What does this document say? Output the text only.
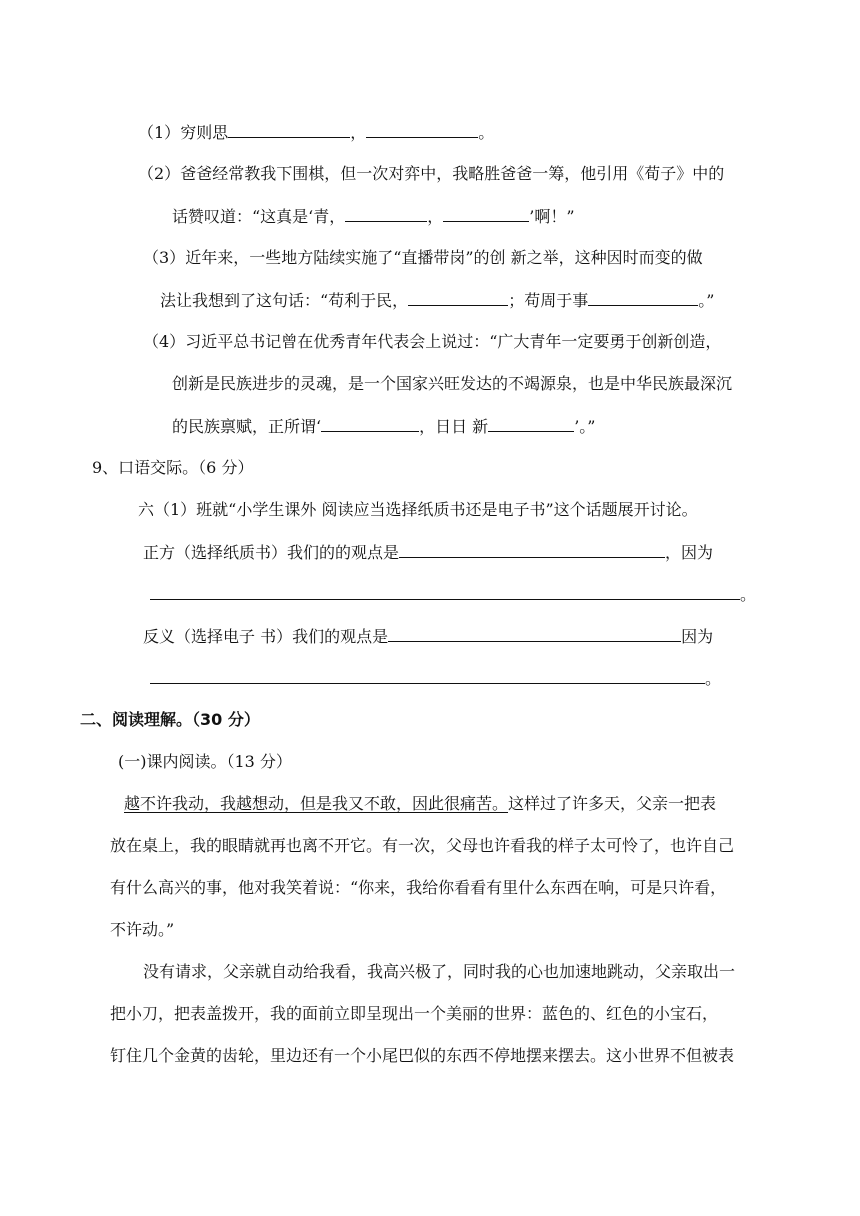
（1）穷则思	，	。
（2）爸爸经常教我下围棋，但一次对弈中，我略胜爸爸一筹，他引用《荀子》中的
话赞叹道：“这真是‘青，	，	’啊！”
（3）近年来，一些地方陆续实施了“直播带岗”的创 新之举，这种因时而变的做
法让我想到了这句话：“苟利于民，	；苟周于事	。”
（4）习近平总书记曾在优秀青年代表会上说过：“广大青年一定要勇于创新创造，
创新是民族进步的灵魂，是一个国家兴旺发达的不竭源泉，也是中华民族最深沉
的民族禀赋，正所谓‘	，日日 新	’。”
9、口语交际。（6 分）
六（1）班就“小学生课外 阅读应当选择纸质书还是电子书”这个话题展开讨论。
正方（选择纸质书）我们的的观点是	，因为
。
反义（选择电子 书）我们的观点是	因为
。
二、阅读理解。（30 分）
(一)课内阅读。（13 分）
越不许我动，我越想动，但是我又不敢，因此很痛苦。这样过了许多天，父亲一把表
放在桌上，我的眼睛就再也离不开它。有一次，父母也许看我的样子太可怜了，也许自己
有什么高兴的事，他对我笑着说：“你来，我给你看看有里什么东西在响，可是只许看，
不许动。”
没有请求，父亲就自动给我看，我高兴极了，同时我的心也加速地跳动，父亲取出一
把小刀，把表盖拨开，我的面前立即呈现出一个美丽的世界：蓝色的、红色的小宝石，
钉住几个金黄的齿轮，里边还有一个小尾巴似的东西不停地摆来摆去。这小世界不但被表
